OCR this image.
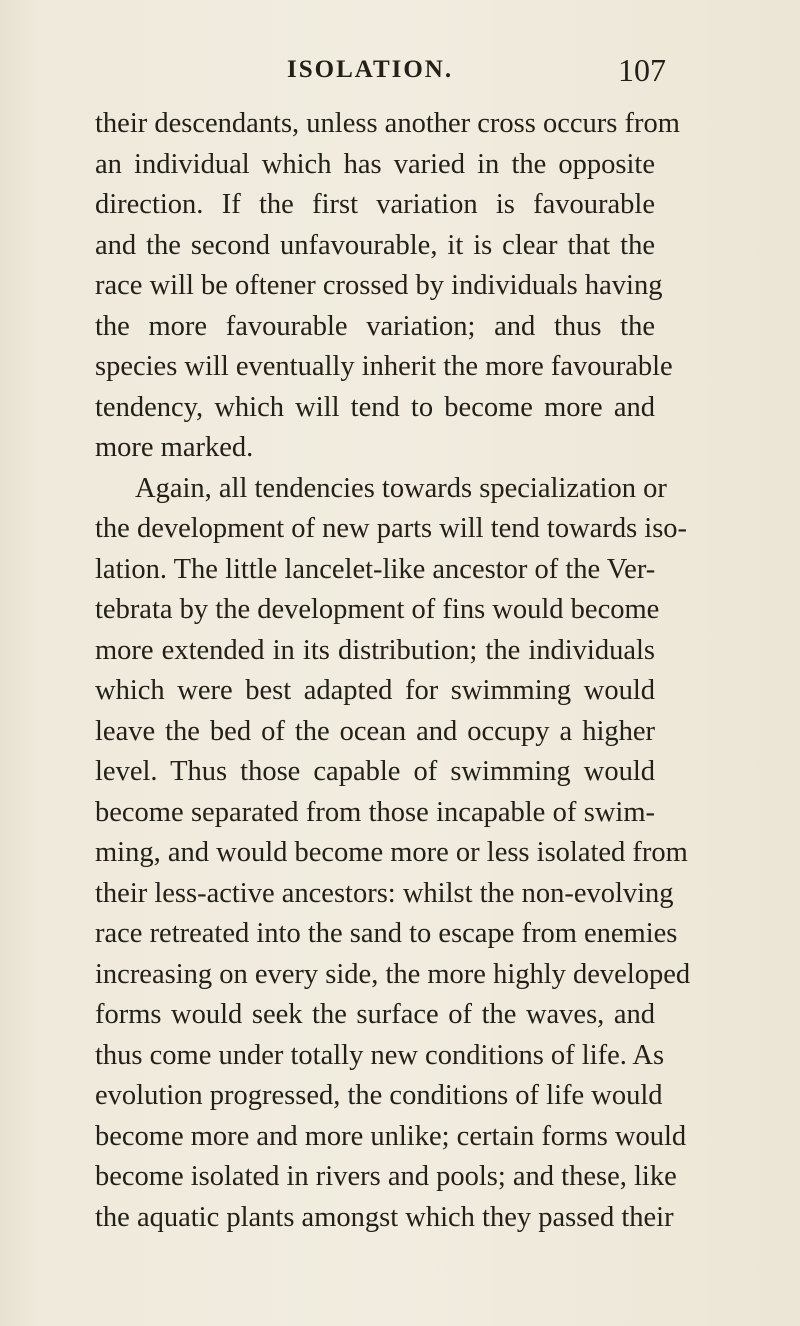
ISOLATION.	107
their descendants, unless another cross occurs from
an individual which has varied in the opposite
direction. If the first variation is favourable
and the second unfavourable, it is clear that the
race will be oftener crossed by individuals having
the more favourable variation; and thus the
species will eventually inherit the more favourable
tendency, which will tend to become more and
more marked.
Again, all tendencies towards specialization or
the development of new parts will tend towards iso-
lation. The little lancelet-like ancestor of the Ver-
tebrata by the development of fins would become
more extended in its distribution; the individuals
which were best adapted for swimming would
leave the bed of the ocean and occupy a higher
level. Thus those capable of swimming would
become separated from those incapable of swim-
ming, and would become more or less isolated from
their less-active ancestors: whilst the non-evolving
race retreated into the sand to escape from enemies
increasing on every side, the more highly developed
forms would seek the surface of the waves, and
thus come under totally new conditions of life. As
evolution progressed, the conditions of life would
become more and more unlike; certain forms would
become isolated in rivers and pools; and these, like
the aquatic plants amongst which they passed their
